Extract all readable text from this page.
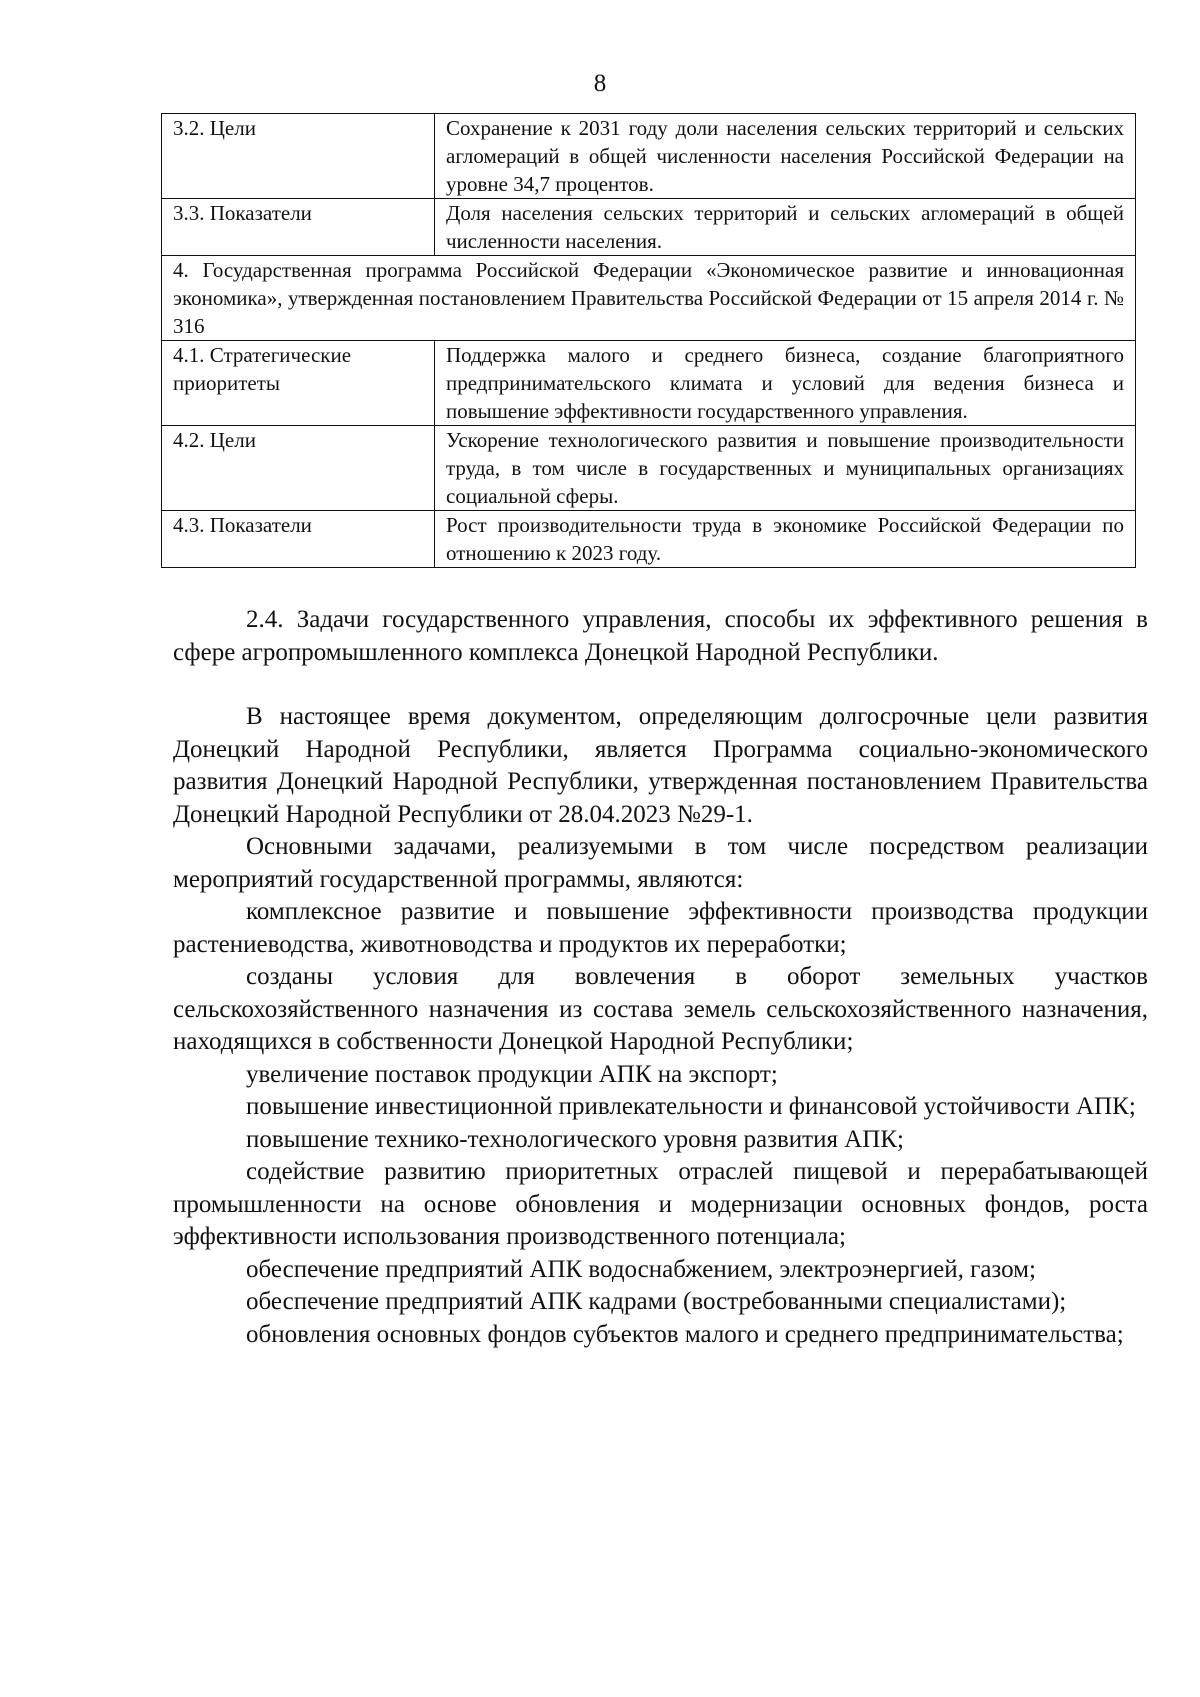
8
3.2. Цели	Сохранение к 2031 году доли населения сельских территорий и сельских агломераций в общей численности населения Российской Федерации на уровне 34,7 процентов.
3.3. Показатели	Доля населения сельских территорий и сельских агломераций в общей численности населения.
4. Государственная программа Российской Федерации «Экономическое развитие и инновационная экономика», утвержденная постановлением Правительства Российской Федерации от 15 апреля 2014 г. № 316	
4.1. Стратегические приоритеты	Поддержка малого и среднего бизнеса, создание благоприятного предпринимательского климата и условий для ведения бизнеса и повышение эффективности государственного управления.
4.2. Цели	Ускорение технологического развития и повышение производительности труда, в том числе в государственных и муниципальных организациях социальной сферы.
4.3. Показатели	Рост производительности труда в экономике Российской Федерации по отношению к 2023 году.

2.4. Задачи государственного управления, способы их эффективного решения в сфере агропромышленного комплекса Донецкой Народной Республики.

В настоящее время документом, определяющим долгосрочные цели развития Донецкий Народной Республики, является Программа социально-экономического развития Донецкий Народной Республики, утвержденная постановлением Правительства Донецкий Народной Республики от 28.04.2023 №29-1.

Основными задачами, реализуемыми в том числе посредством реализации мероприятий государственной программы, являются:

комплексное развитие и повышение эффективности производства продукции растениеводства, животноводства и продуктов их переработки;

созданы условия для вовлечения в оборот земельных участков сельскохозяйственного назначения из состава земель сельскохозяйственного назначения, находящихся в собственности Донецкой Народной Республики;

увеличение поставок продукции АПК на экспорт;

повышение инвестиционной привлекательности и финансовой устойчивости АПК;

повышение технико-технологического уровня развития АПК;

содействие развитию приоритетных отраслей пищевой и перерабатывающей промышленности на основе обновления и модернизации основных фондов, роста эффективности использования производственного потенциала;

обеспечение предприятий АПК водоснабжением, электроэнергией, газом;

обеспечение предприятий АПК кадрами (востребованными специалистами);

обновления основных фондов субъектов малого и среднего предпринимательства;
